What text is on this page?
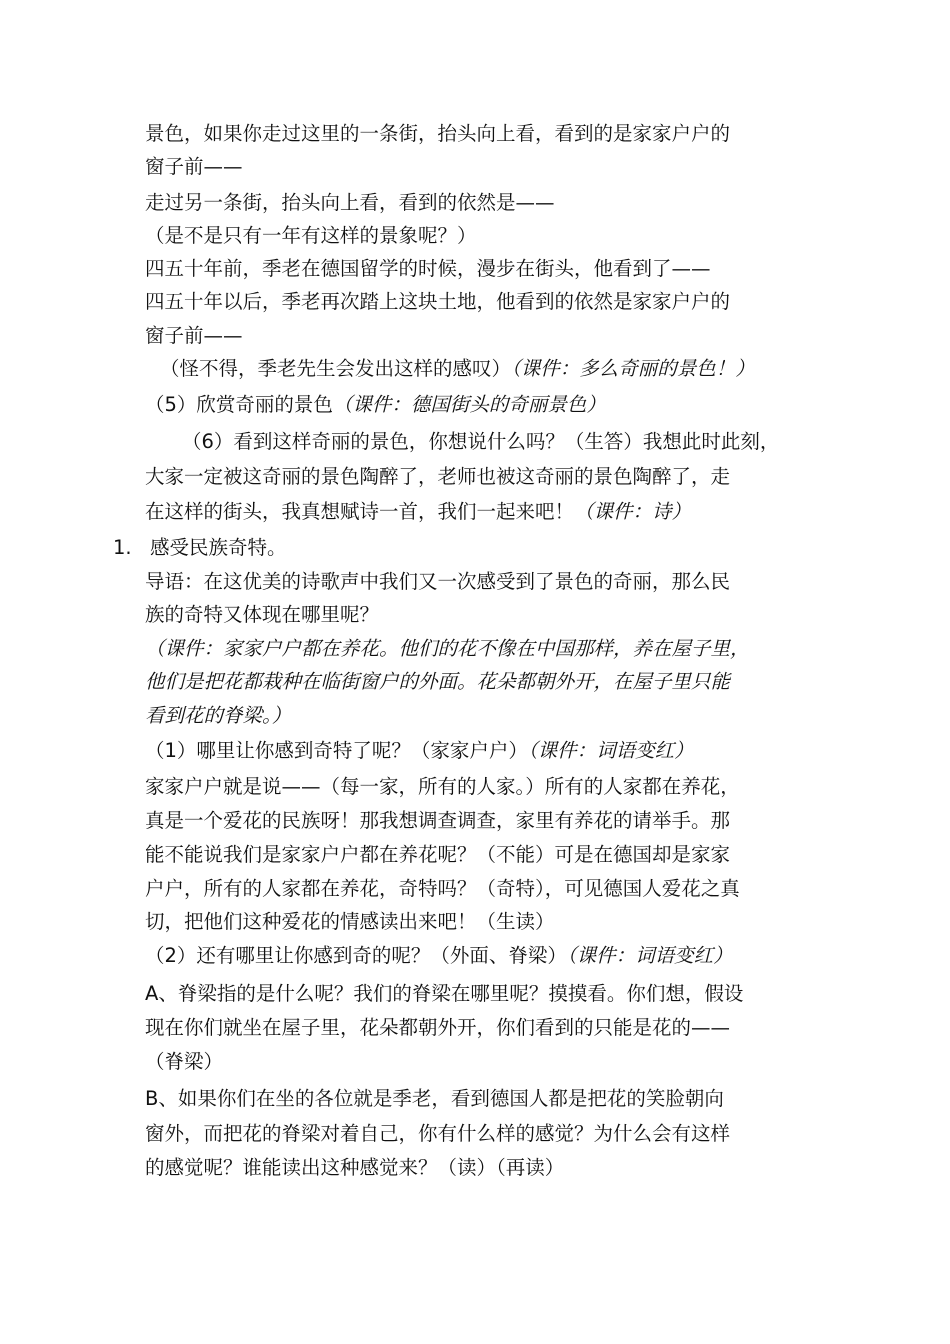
景色，如果你走过这里的一条街，抬头向上看，看到的是家家户户的
窗子前——
走过另一条街，抬头向上看，看到的依然是——
（是不是只有一年有这样的景象呢？）
四五十年前，季老在德国留学的时候，漫步在街头，他看到了——
四五十年以后，季老再次踏上这块土地，他看到的依然是家家户户的
窗子前——
（怪不得，季老先生会发出这样的感叹）（课件：多么奇丽的景色！）
（5）欣赏奇丽的景色（课件：德国街头的奇丽景色）
（6）看到这样奇丽的景色，你想说什么吗？（生答）我想此时此刻，
大家一定被这奇丽的景色陶醉了，老师也被这奇丽的景色陶醉了，走
在这样的街头，我真想赋诗一首，我们一起来吧！（课件：诗）
1. 感受民族奇特。
导语：在这优美的诗歌声中我们又一次感受到了景色的奇丽，那么民
族的奇特又体现在哪里呢？
（课件：家家户户都在养花。他们的花不像在中国那样，养在屋子里，
他们是把花都栽种在临街窗户的外面。花朵都朝外开，在屋子里只能
看到花的脊梁。）
（1）哪里让你感到奇特了呢？（家家户户）（课件：词语变红）
家家户户就是说——（每一家，所有的人家。）所有的人家都在养花，
真是一个爱花的民族呀！那我想调查调查，家里有养花的请举手。那
能不能说我们是家家户户都在养花呢？（不能）可是在德国却是家家
户户，所有的人家都在养花，奇特吗？（奇特），可见德国人爱花之真
切，把他们这种爱花的情感读出来吧！（生读）
（2）还有哪里让你感到奇的呢？（外面、脊梁）（课件：词语变红）
A、脊梁指的是什么呢？我们的脊梁在哪里呢？摸摸看。你们想，假设
现在你们就坐在屋子里，花朵都朝外开，你们看到的只能是花的——
（脊梁）
B、如果你们在坐的各位就是季老，看到德国人都是把花的笑脸朝向
窗外，而把花的脊梁对着自己，你有什么样的感觉？为什么会有这样
的感觉呢？谁能读出这种感觉来？（读）（再读）
